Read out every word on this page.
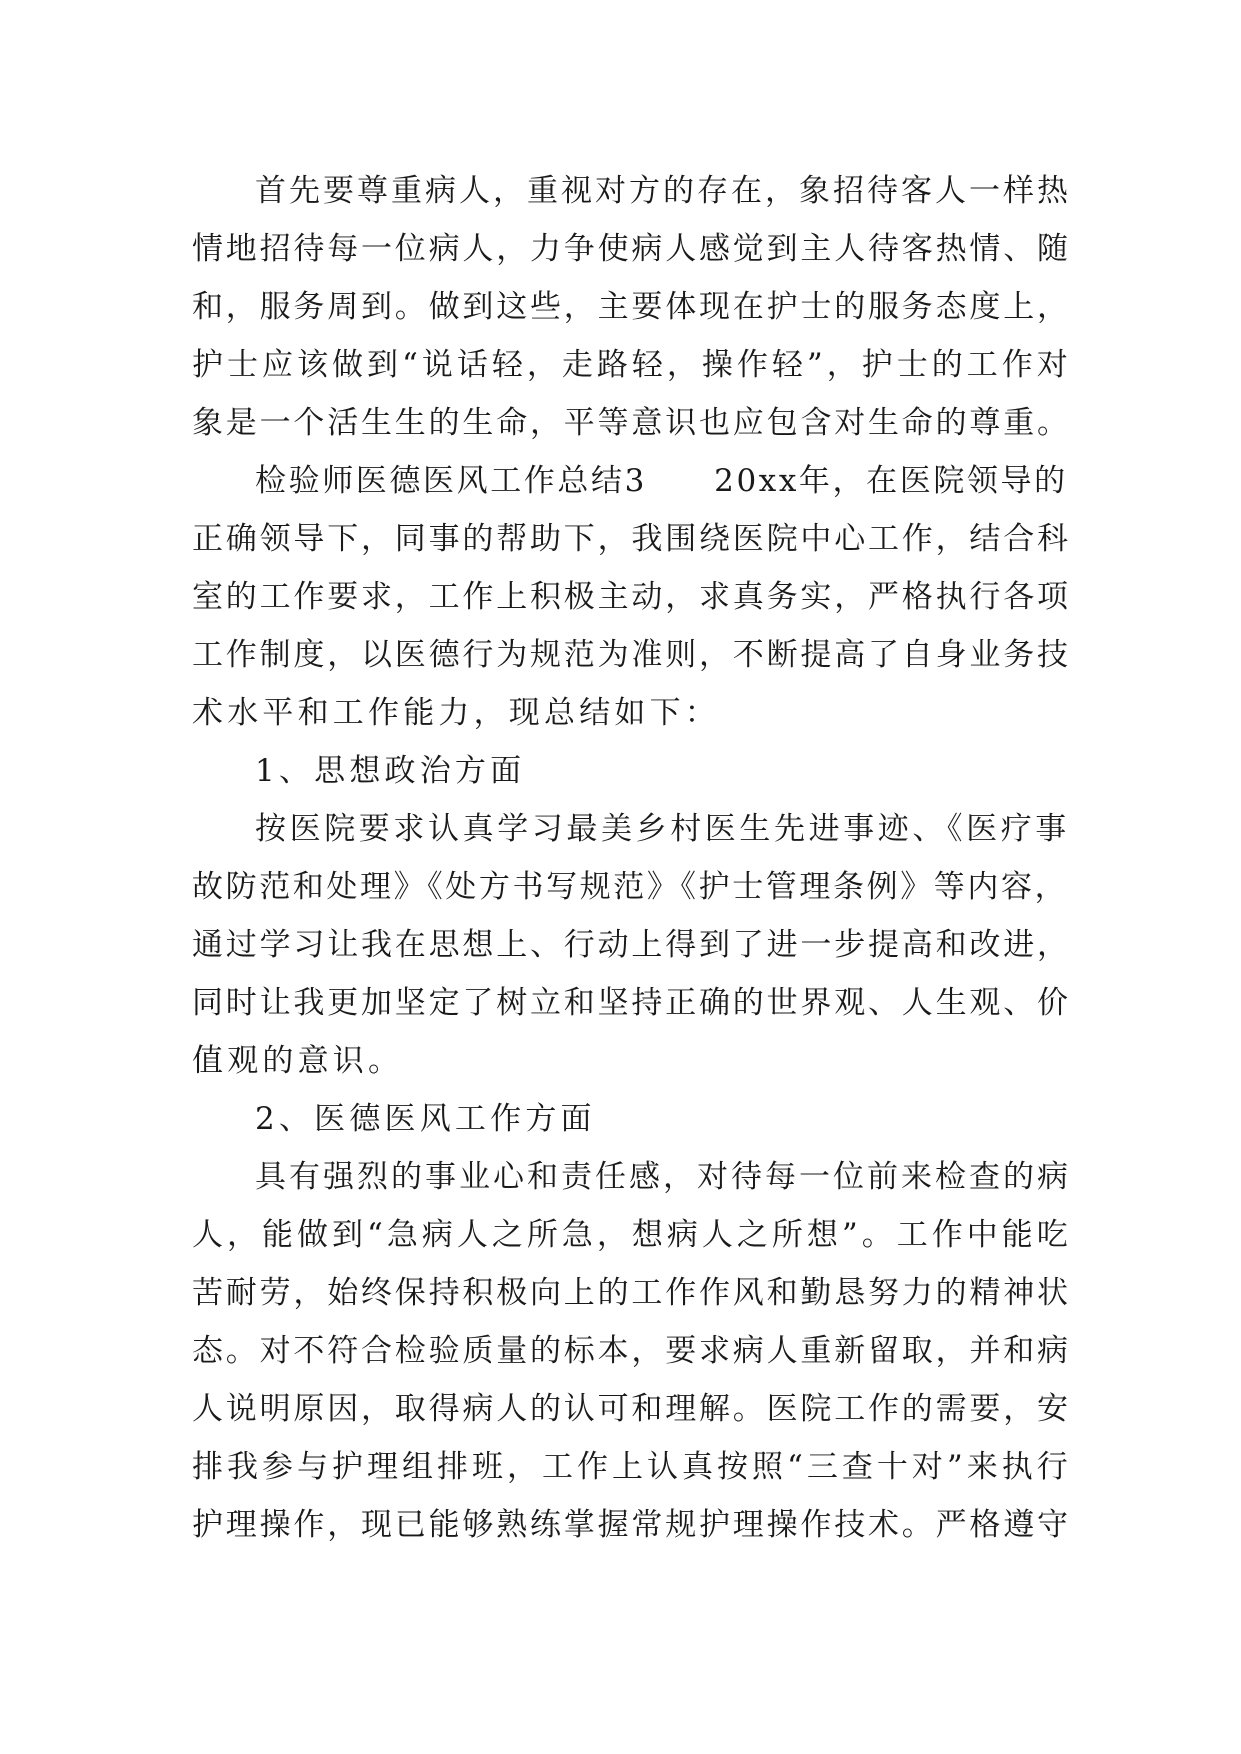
首先要尊重病人，重视对方的存在，象招待客人一样热
情地招待每一位病人，力争使病人感觉到主人待客热情、随
和，服务周到。做到这些，主要体现在护士的服务态度上，
护士应该做到“说话轻，走路轻，操作轻”，护士的工作对
象是一个活生生的生命，平等意识也应包含对生命的尊重。
检验师医德医风工作总结3　　20xx年，在医院领导的
正确领导下，同事的帮助下，我围绕医院中心工作，结合科
室的工作要求，工作上积极主动，求真务实，严格执行各项
工作制度，以医德行为规范为准则，不断提高了自身业务技
术水平和工作能力，现总结如下：
1、思想政治方面
按医院要求认真学习最美乡村医生先进事迹、《医疗事
故防范和处理》《处方书写规范》《护士管理条例》等内容，
通过学习让我在思想上、行动上得到了进一步提高和改进，
同时让我更加坚定了树立和坚持正确的世界观、人生观、价
值观的意识。
2、医德医风工作方面
具有强烈的事业心和责任感，对待每一位前来检查的病
人，能做到“急病人之所急，想病人之所想”。工作中能吃
苦耐劳，始终保持积极向上的工作作风和勤恳努力的精神状
态。对不符合检验质量的标本，要求病人重新留取，并和病
人说明原因，取得病人的认可和理解。医院工作的需要，安
排我参与护理组排班，工作上认真按照“三查十对”来执行
护理操作，现已能够熟练掌握常规护理操作技术。严格遵守
